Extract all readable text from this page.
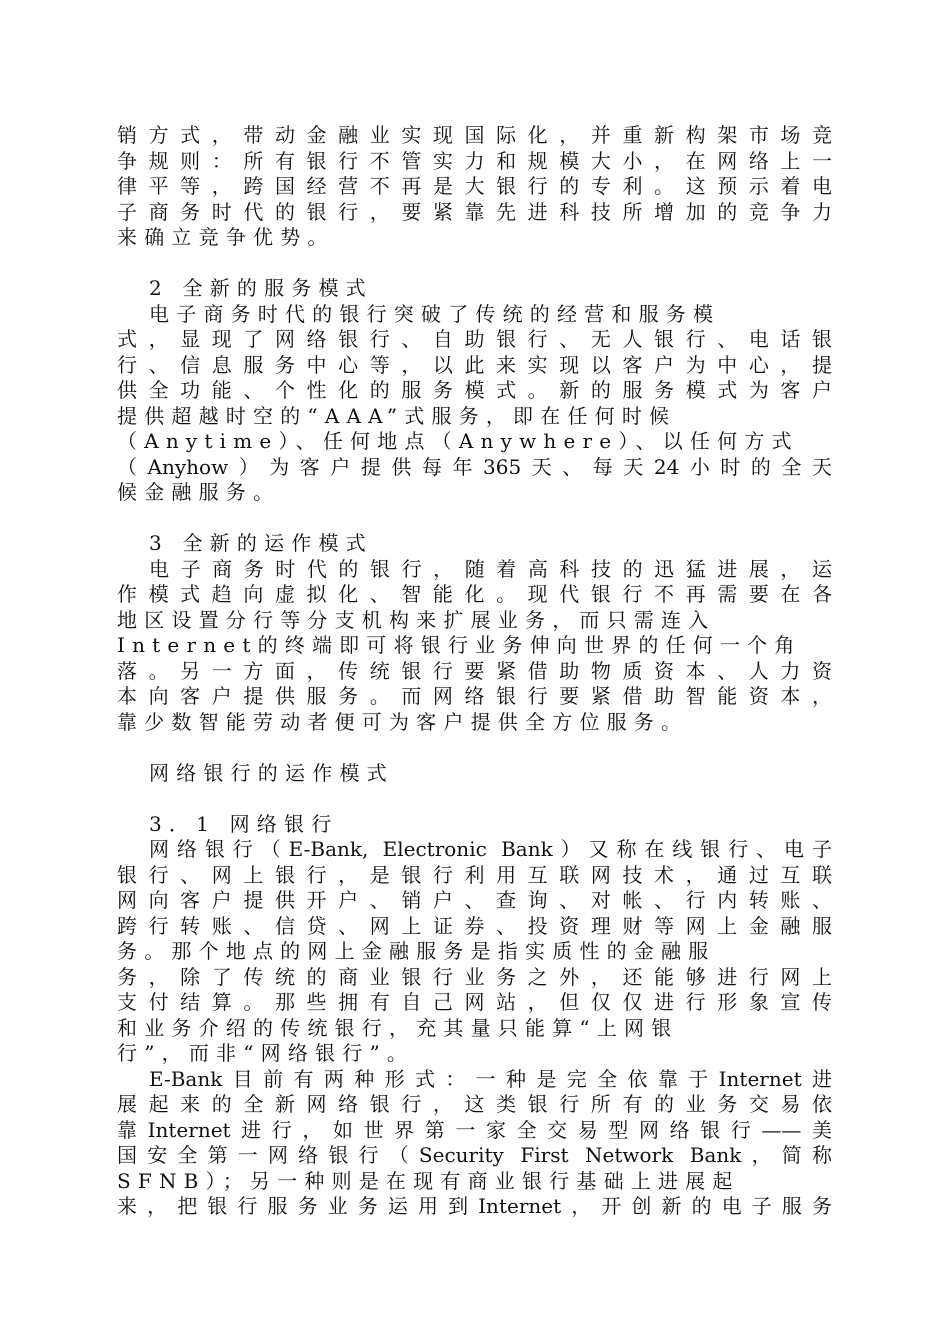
销方式，带动金融业实现国际化，并重新构架市场竞
争规则：所有银行不管实力和规模大小，在网络上一
律平等，跨国经营不再是大银行的专利。这预示着电
子商务时代的银行，要紧靠先进科技所增加的竞争力
来确立竞争优势。
2 全新的服务模式
电子商务时代的银行突破了传统的经营和服务模
式，显现了网络银行、自助银行、无人银行、电话银
行、信息服务中心等，以此来实现以客户为中心，提
供全功能、个性化的服务模式。新的服务模式为客户
提供超越时空的“AAA”式服务，即在任何时候
（Anytime）、任何地点（Anywhere）、以任何方式
（Anyhow）为客户提供每年365天、每天24小时的全天
候金融服务。
3 全新的运作模式
电子商务时代的银行，随着高科技的迅猛进展，运
作模式趋向虚拟化、智能化。现代银行不再需要在各
地区设置分行等分支机构来扩展业务，而只需连入
Internet的终端即可将银行业务伸向世界的任何一个角
落。另一方面，传统银行要紧借助物质资本、人力资
本向客户提供服务。而网络银行要紧借助智能资本，
靠少数智能劳动者便可为客户提供全方位服务。
网络银行的运作模式
3．1 网络银行
网络银行（E-Bank, Electronic Bank）又称在线银行、电子
银行、网上银行，是银行利用互联网技术，通过互联
网向客户提供开户、销户、查询、对帐、行内转账、
跨行转账、信贷、网上证券、投资理财等网上金融服
务。那个地点的网上金融服务是指实质性的金融服
务，除了传统的商业银行业务之外，还能够进行网上
支付结算。那些拥有自己网站，但仅仅进行形象宣传
和业务介绍的传统银行，充其量只能算“上网银
行”，而非“网络银行”。
E-Bank目前有两种形式：一种是完全依靠于Internet进
展起来的全新网络银行，这类银行所有的业务交易依
靠Internet进行，如世界第一家全交易型网络银行——美
国安全第一网络银行（Security First Network Bank，简称
SFNB）；另一种则是在现有商业银行基础上进展起
来，把银行服务业务运用到Internet，开创新的电子服务
